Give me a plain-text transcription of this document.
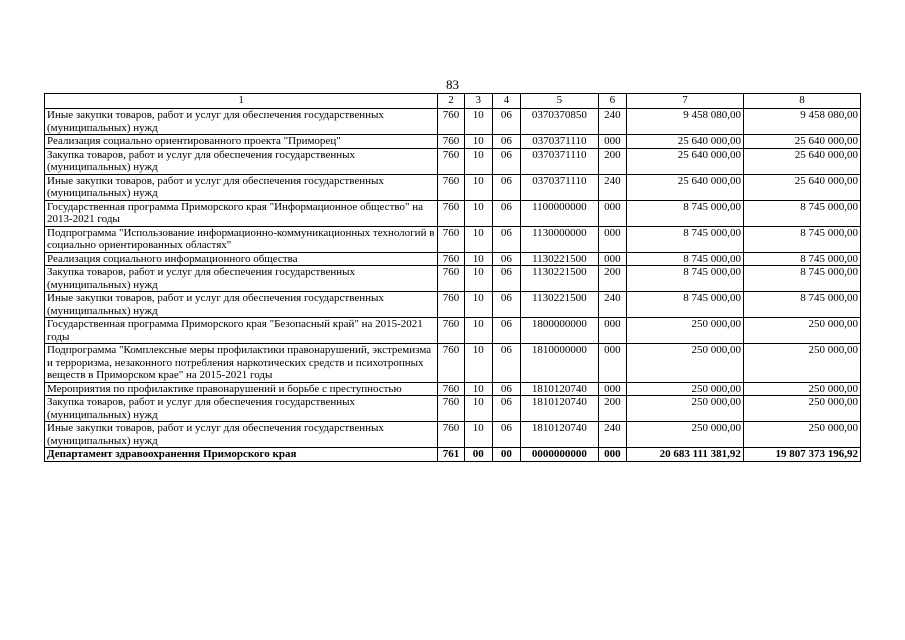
83
1	2	3	4	5	6	7	8
Иные закупки товаров, работ и услуг для обеспечения государственных (муниципальных) нужд	760	10	06	0370370850	240	9 458 080,00	9 458 080,00
Реализация социально ориентированного проекта "Приморец"	760	10	06	0370371110	000	25 640 000,00	25 640 000,00
Закупка товаров, работ и услуг для обеспечения государственных (муниципальных) нужд	760	10	06	0370371110	200	25 640 000,00	25 640 000,00
Иные закупки товаров, работ и услуг для обеспечения государственных (муниципальных) нужд	760	10	06	0370371110	240	25 640 000,00	25 640 000,00
Государственная программа Приморского края "Информационное общество" на 2013-2021 годы	760	10	06	1100000000	000	8 745 000,00	8 745 000,00
Подпрограмма "Использование информационно-коммуникационных технологий в социально ориентированных областях"	760	10	06	1130000000	000	8 745 000,00	8 745 000,00
Реализация социального информационного общества	760	10	06	1130221500	000	8 745 000,00	8 745 000,00
Закупка товаров, работ и услуг для обеспечения государственных (муниципальных) нужд	760	10	06	1130221500	200	8 745 000,00	8 745 000,00
Иные закупки товаров, работ и услуг для обеспечения государственных (муниципальных) нужд	760	10	06	1130221500	240	8 745 000,00	8 745 000,00
Государственная программа Приморского края "Безопасный край" на 2015-2021 годы	760	10	06	1800000000	000	250 000,00	250 000,00
Подпрограмма "Комплексные меры профилактики правонарушений, экстремизма и терроризма, незаконного потребления наркотических средств и психотропных веществ в Приморском крае" на 2015-2021 годы	760	10	06	1810000000	000	250 000,00	250 000,00
Мероприятия по профилактике правонарушений и борьбе с преступностью	760	10	06	1810120740	000	250 000,00	250 000,00
Закупка товаров, работ и услуг для обеспечения государственных (муниципальных) нужд	760	10	06	1810120740	200	250 000,00	250 000,00
Иные закупки товаров, работ и услуг для обеспечения государственных (муниципальных) нужд	760	10	06	1810120740	240	250 000,00	250 000,00
Департамент здравоохранения Приморского края	761	00	00	0000000000	000	20 683 111 381,92	19 807 373 196,92
